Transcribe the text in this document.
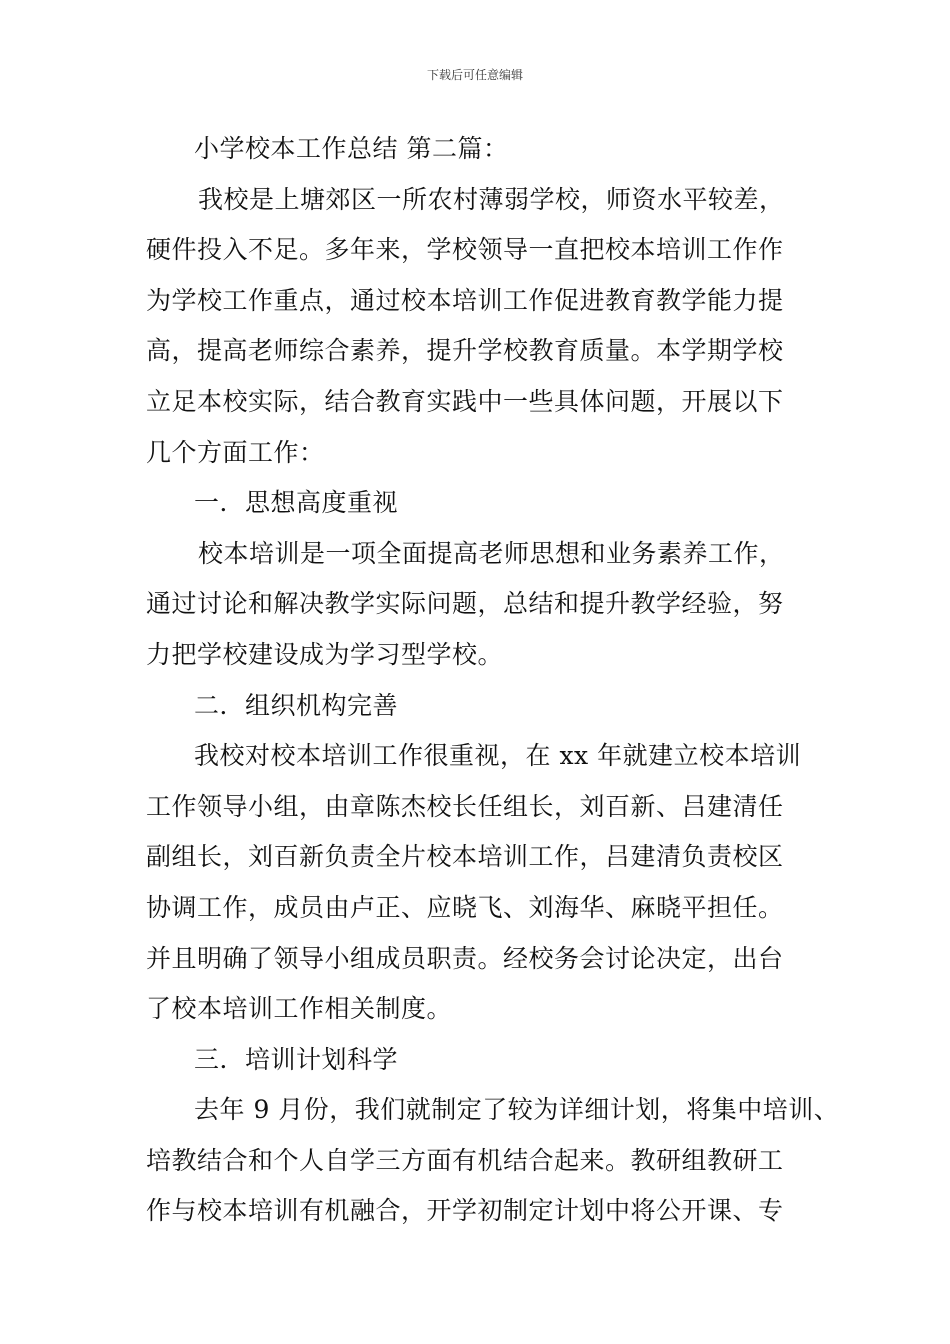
下载后可任意编辑
小学校本工作总结 第二篇：
我校是上塘郊区一所农村薄弱学校，师资水平较差，
硬件投入不足。多年来，学校领导一直把校本培训工作作
为学校工作重点，通过校本培训工作促进教育教学能力提
高，提高老师综合素养，提升学校教育质量。本学期学校
立足本校实际，结合教育实践中一些具体问题，开展以下
几个方面工作：
一．思想高度重视
校本培训是一项全面提高老师思想和业务素养工作，
通过讨论和解决教学实际问题，总结和提升教学经验，努
力把学校建设成为学习型学校。
二．组织机构完善
我校对校本培训工作很重视，在 xx 年就建立校本培训
工作领导小组，由章陈杰校长任组长，刘百新、吕建清任
副组长，刘百新负责全片校本培训工作，吕建清负责校区
协调工作，成员由卢正、应晓飞、刘海华、麻晓平担任。
并且明确了领导小组成员职责。经校务会讨论决定，出台
了校本培训工作相关制度。
三．培训计划科学
去年 9 月份，我们就制定了较为详细计划，将集中培训、
培教结合和个人自学三方面有机结合起来。教研组教研工
作与校本培训有机融合，开学初制定计划中将公开课、专
